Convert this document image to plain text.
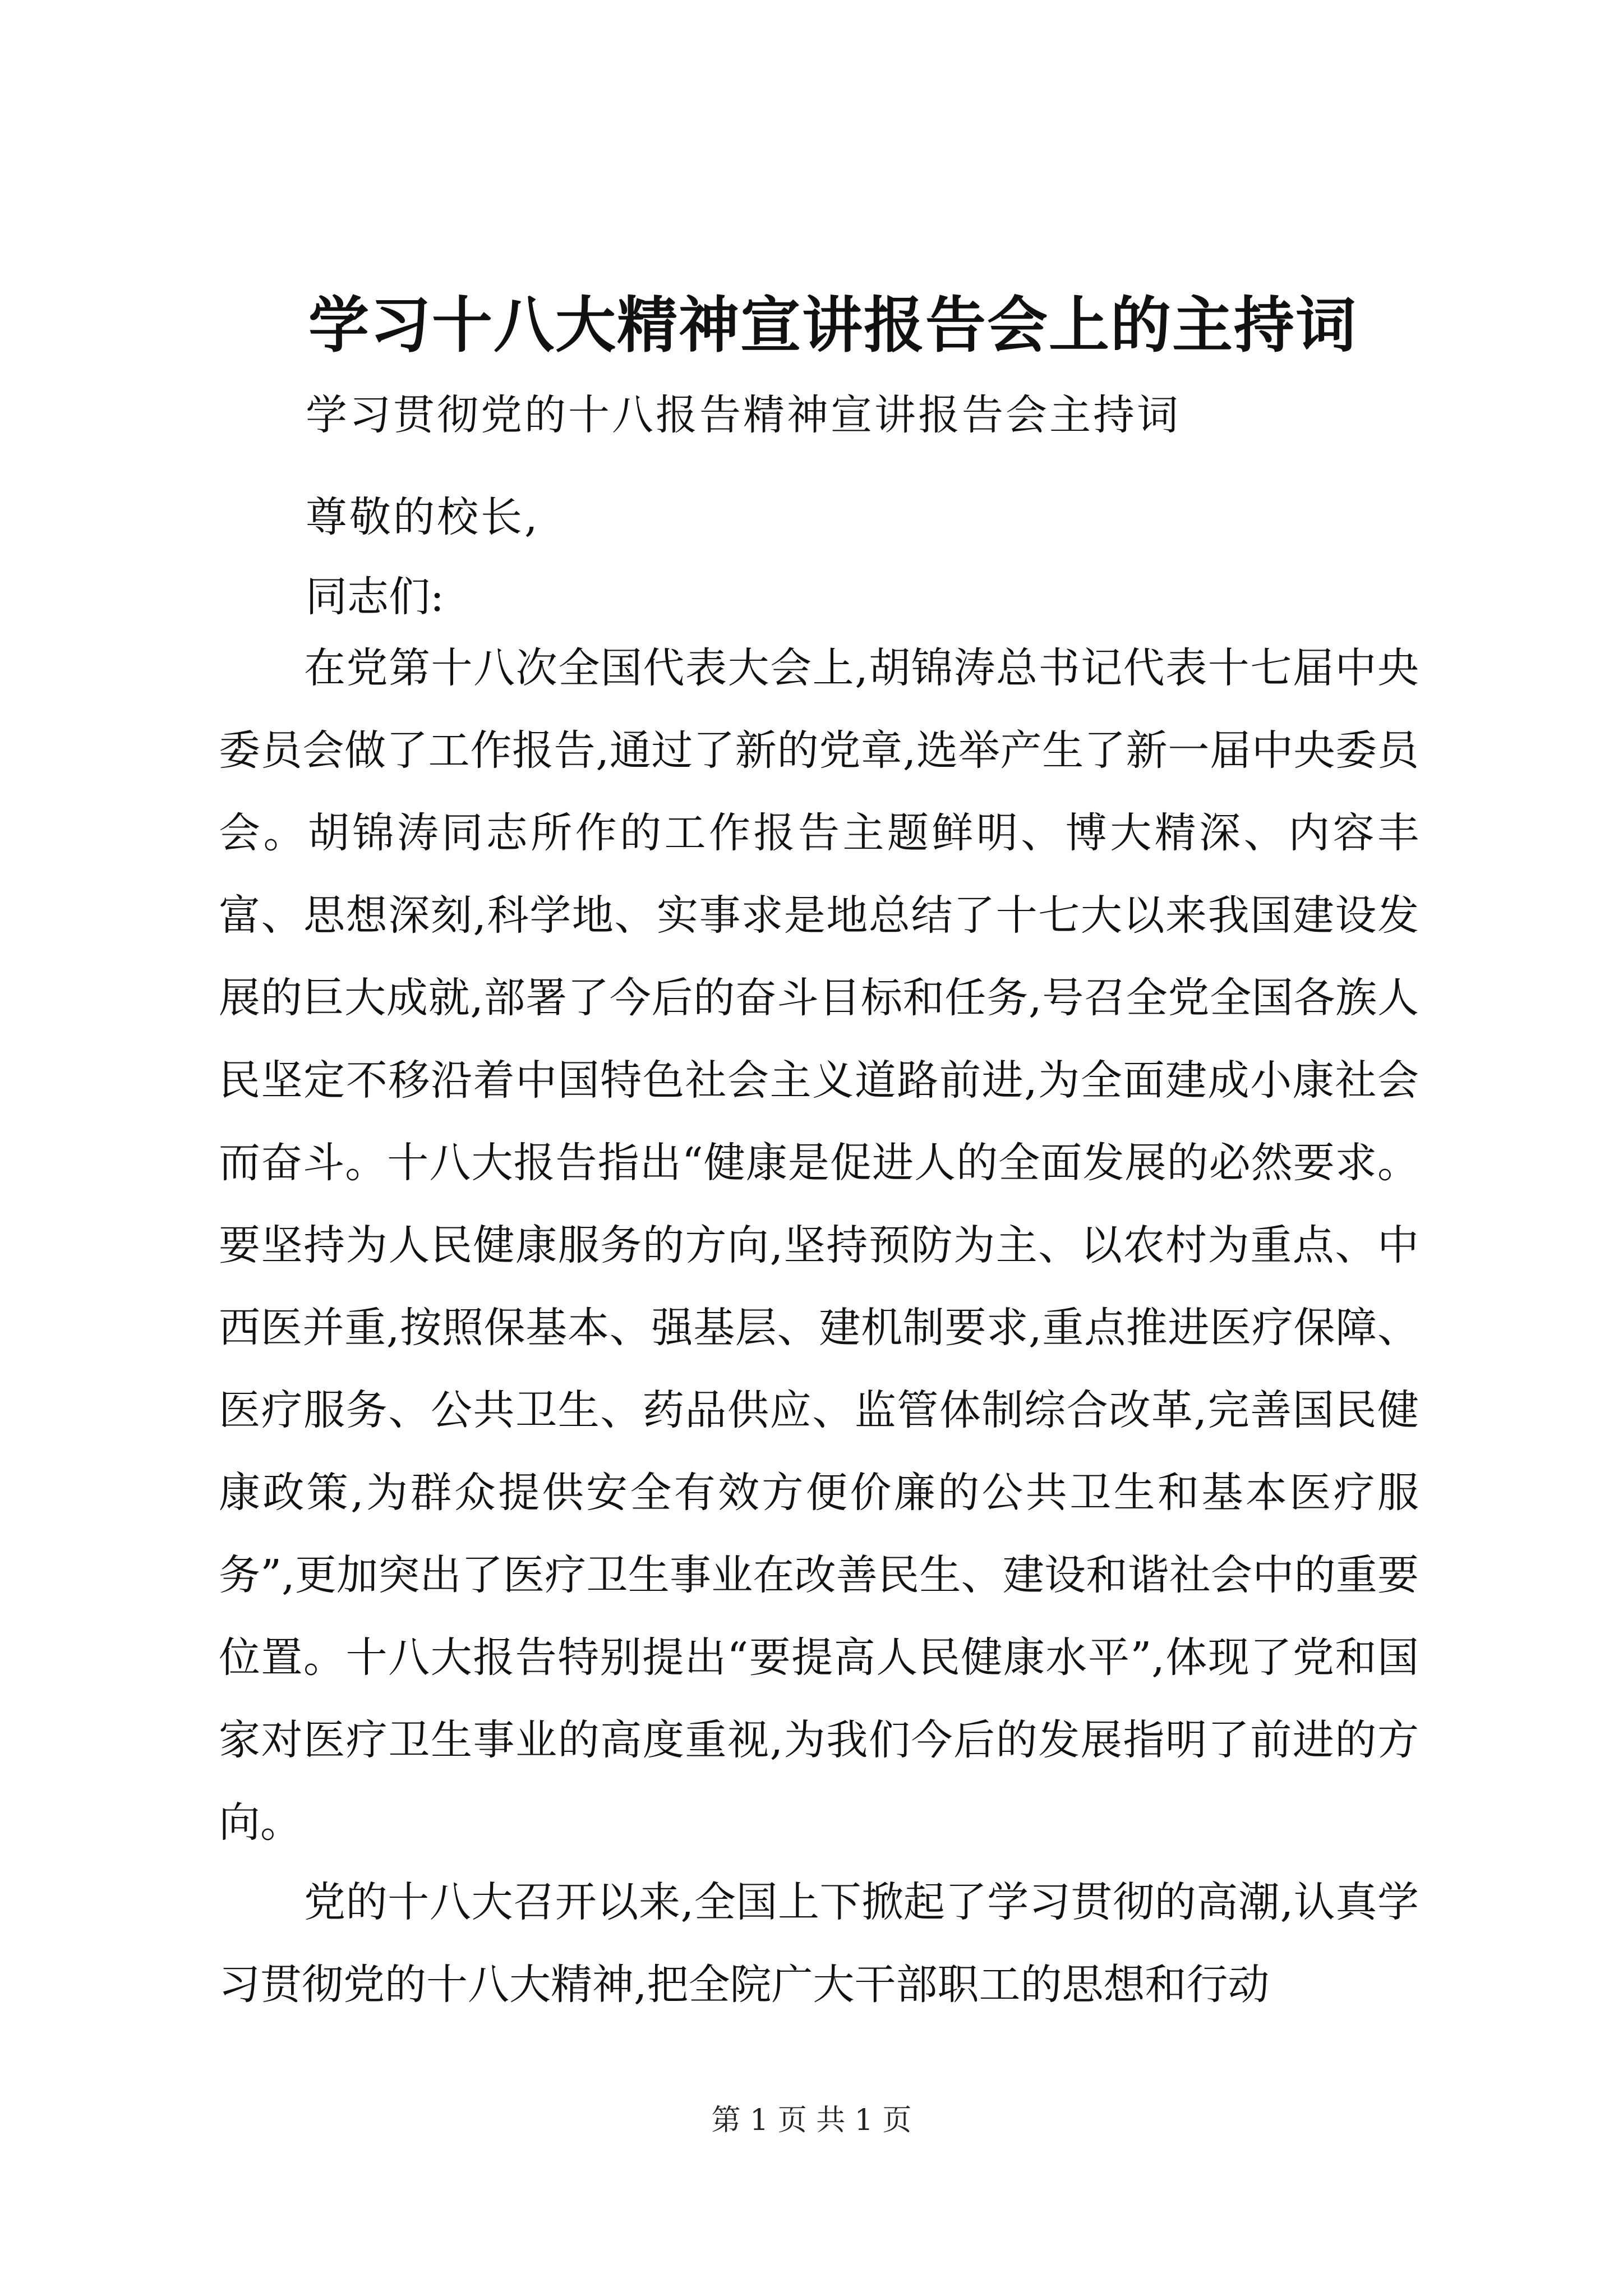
学习十八大精神宣讲报告会上的主持词
学习贯彻党的十八报告精神宣讲报告会主持词
尊敬的校长,
同志们:

在党第十八次全国代表大会上,胡锦涛总书记代表十七届中央委员会做了工作报告,通过了新的党章,选举产生了新一届中央委员会。胡锦涛同志所作的工作报告主题鲜明、博大精深、内容丰富、思想深刻,科学地、实事求是地总结了十七大以来我国建设发展的巨大成就,部署了今后的奋斗目标和任务,号召全党全国各族人民坚定不移沿着中国特色社会主义道路前进,为全面建成小康社会而奋斗。十八大报告指出“健康是促进人的全面发展的必然要求。要坚持为人民健康服务的方向,坚持预防为主、以农村为重点、中西医并重,按照保基本、强基层、建机制要求,重点推进医疗保障、医疗服务、公共卫生、药品供应、监管体制综合改革,完善国民健康政策,为群众提供安全有效方便价廉的公共卫生和基本医疗服务”,更加突出了医疗卫生事业在改善民生、建设和谐社会中的重要位置。十八大报告特别提出“要提高人民健康水平”,体现了党和国家对医疗卫生事业的高度重视,为我们今后的发展指明了前进的方向。

党的十八大召开以来,全国上下掀起了学习贯彻的高潮,认真学习贯彻党的十八大精神,把全院广大干部职工的思想和行动

第 1 页 共 1 页
